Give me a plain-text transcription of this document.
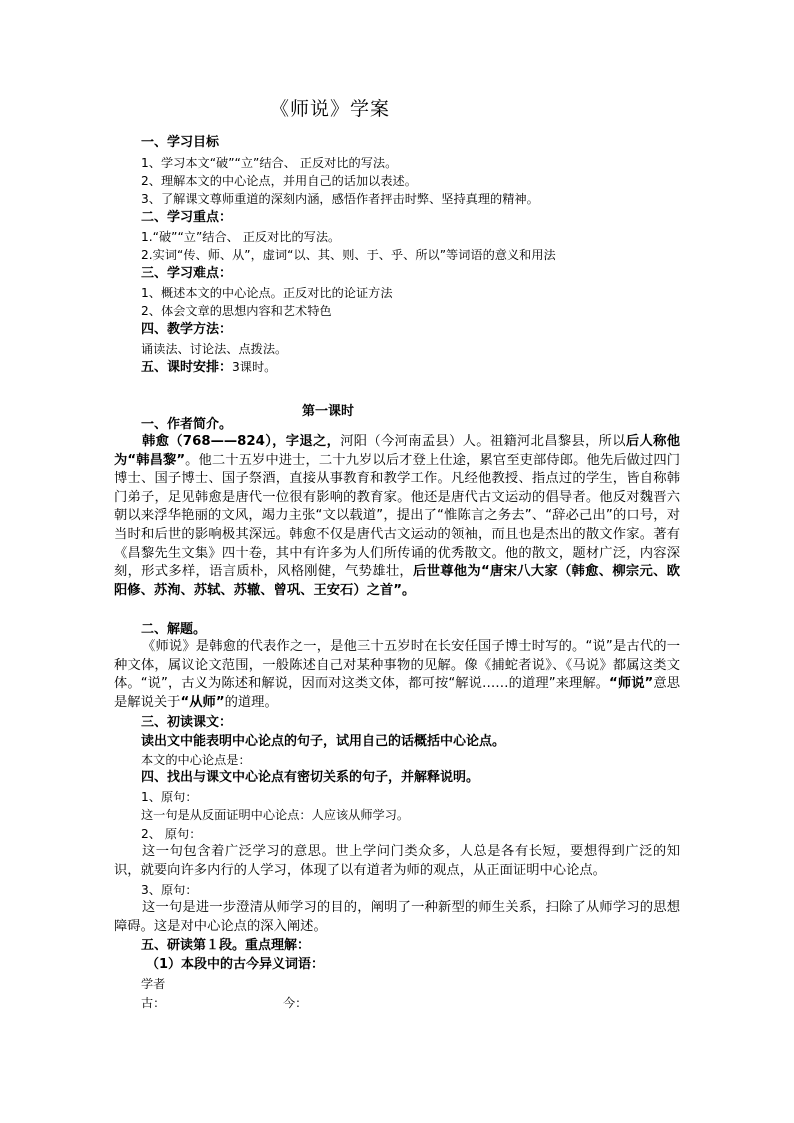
《师说》学案
一、学习目标
1、学习本文“破”“立”结合、 正反对比的写法。
2、理解本文的中心论点，并用自己的话加以表述。
3、了解课文尊师重道的深刻内涵，感悟作者抨击时弊、坚持真理的精神。
二、学习重点：
1.“破”“立”结合、 正反对比的写法。
2.实词“传、师、从”，虚词“以、其、则、于、乎、所以”等词语的意义和用法
三、学习难点：
1、概述本文的中心论点。正反对比的论证方法
2、体会文章的思想内容和艺术特色
四、教学方法：
诵读法、讨论法、点拨法。
五、课时安排：3课时。
第一课时
一、作者简介。
韩愈（768——824），字退之，河阳（今河南孟县）人。祖籍河北昌黎县，所以后人称他为“韩昌黎”。他二十五岁中进士，二十九岁以后才登上仕途，累官至吏部侍郎。他先后做过四门博士、国子博士、国子祭酒，直接从事教育和教学工作。凡经他教授、指点过的学生，皆自称韩门弟子，足见韩愈是唐代一位很有影响的教育家。他还是唐代古文运动的倡导者。他反对魏晋六朝以来浮华艳丽的文风，竭力主张“文以载道”，提出了“惟陈言之务去”、“辞必己出”的口号，对当时和后世的影响极其深远。韩愈不仅是唐代古文运动的领袖，而且也是杰出的散文作家。著有《昌黎先生文集》四十卷，其中有许多为人们所传诵的优秀散文。他的散文，题材广泛，内容深刻，形式多样，语言质朴，风格刚健，气势雄壮，后世尊他为“唐宋八大家（韩愈、柳宗元、欧阳修、苏洵、苏轼、苏辙、曾巩、王安石）之首”。
二、解题。
《师说》是韩愈的代表作之一，是他三十五岁时在长安任国子博士时写的。“说”是古代的一种文体，属议论文范围，一般陈述自己对某种事物的见解。像《捕蛇者说》、《马说》都属这类文体。“说”，古义为陈述和解说，因而对这类文体，都可按“解说……的道理”来理解。“师说”意思是解说关于“从师”的道理。
三、初读课文：
读出文中能表明中心论点的句子，试用自己的话概括中心论点。
本文的中心论点是：
四、找出与课文中心论点有密切关系的句子，并解释说明。
1、原句：
这一句是从反面证明中心论点：人应该从师学习。
2、 原句：
这一句包含着广泛学习的意思。世上学问门类众多，人总是各有长短，要想得到广泛的知识，就要向许多内行的人学习，体现了以有道者为师的观点，从正面证明中心论点。
3、原句：
这一句是进一步澄清从师学习的目的，阐明了一种新型的师生关系，扫除了从师学习的思想障碍。这是对中心论点的深入阐述。
五、研读第１段。重点理解：
（1）本段中的古今异义词语：
学者
古：	今：
